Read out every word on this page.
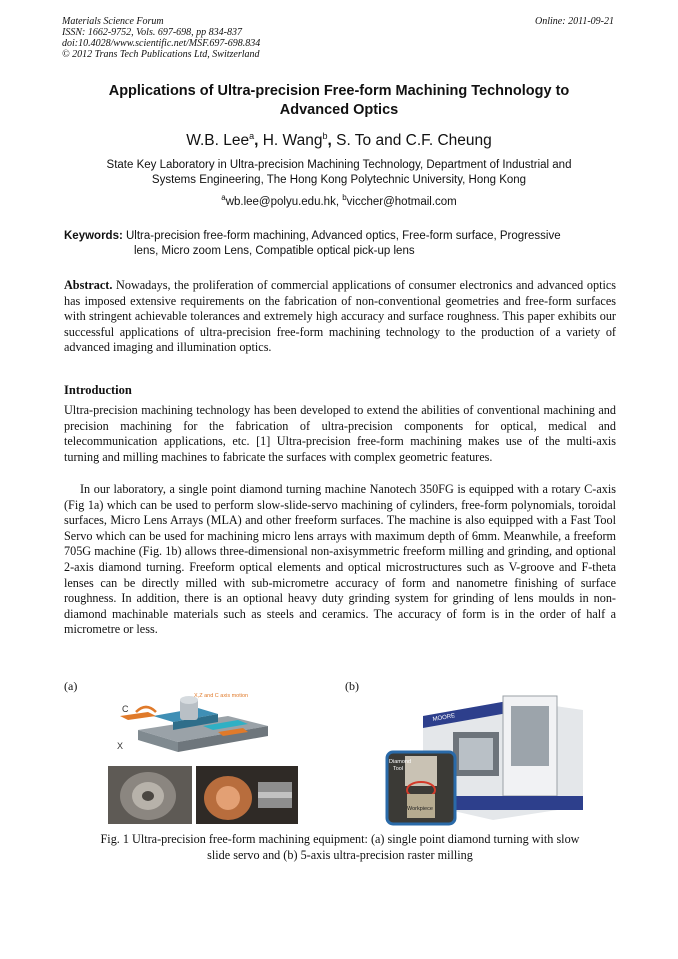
Materials Science Forum
ISSN: 1662-9752, Vols. 697-698, pp 834-837
doi:10.4028/www.scientific.net/MSF.697-698.834
© 2012 Trans Tech Publications Ltd, Switzerland
Online: 2011-09-21
Applications of Ultra-precision Free-form Machining Technology to
Advanced Optics
W.B. Lee$^a$, H. Wang$^b$, S. To and C.F. Cheung
State Key Laboratory in Ultra-precision Machining Technology, Department of Industrial and
Systems Engineering, The Hong Kong Polytechnic University, Hong Kong
$^a$wb.lee@polyu.edu.hk, $^b$viccher@hotmail.com
Keywords: Ultra-precision free-form machining, Advanced optics, Free-form surface, Progressive
lens, Micro zoom Lens, Compatible optical pick-up lens

Abstract. Nowadays, the proliferation of commercial applications of consumer electronics and advanced optics has imposed extensive requirements on the fabrication of non-conventional geometries and free-form surfaces with stringent achievable tolerances and extremely high accuracy and surface roughness. This paper exhibits our successful applications of ultra-precision free-form machining technology to the production of a variety of advanced imaging and illumination optics.

Introduction

Ultra-precision machining technology has been developed to extend the abilities of conventional machining and precision machining for the fabrication of ultra-precision components for optical, medical and telecommunication applications, etc. [1] Ultra-precision free-form machining makes use of the multi-axis turning and milling machines to fabricate the surfaces with complex geometric features.

In our laboratory, a single point diamond turning machine Nanotech 350FG is equipped with a rotary C-axis (Fig 1a) which can be used to perform slow-slide-servo machining of cylinders, free-form polynomials, toroidal surfaces, Micro Lens Arrays (MLA) and other freeform surfaces. The machine is also equipped with a Fast Tool Servo which can be used for machining micro lens arrays with maximum depth of 6mm. Meanwhile, a freeform 705G machine (Fig. 1b) allows three-dimensional non-axisymmetric freeform milling and grinding, and optional 2-axis diamond turning. Freeform optical elements and optical microstructures such as V-groove and F-theta lenses can be directly milled with sub-micrometre accuracy of form and nanometre finishing of surface roughness. In addition, there is an optional heavy duty grinding system for grinding of lens moulds in non-diamond machinable materials such as steels and ceramics. The accuracy of form is in the order of half a micrometre or less.

(a)	(b)
X,Z and C axis motion
C
X
MOORE
Diamond
Tool
Workpiece
Fig. 1 Ultra-precision free-form machining equipment: (a) single point diamond turning with slow
slide servo and (b) 5-axis ultra-precision raster milling
